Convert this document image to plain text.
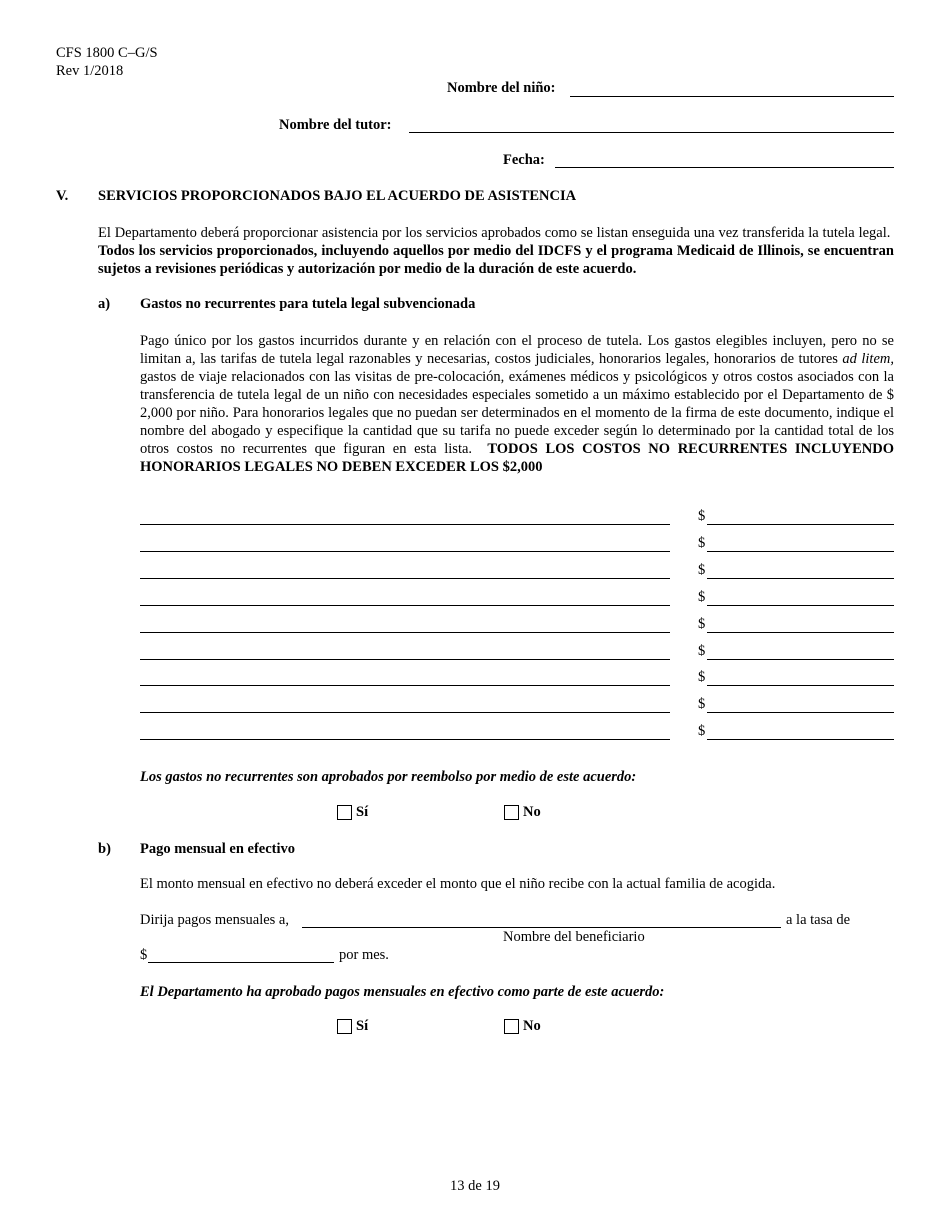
CFS 1800 C–G/S
Rev 1/2018
Nombre del niño:
Nombre del tutor:
Fecha:
V. SERVICIOS PROPORCIONADOS BAJO EL ACUERDO DE ASISTENCIA
El Departamento deberá proporcionar asistencia por los servicios aprobados como se listan enseguida una vez transferida la tutela legal.  Todos los servicios proporcionados, incluyendo aquellos por medio del IDCFS y el programa Medicaid de Illinois, se encuentran sujetos a revisiones periódicas y autorización por medio de la duración de este acuerdo.
a) Gastos no recurrentes para tutela legal subvencionada
Pago único por los gastos incurridos durante y en relación con el proceso de tutela. Los gastos elegibles incluyen, pero no se limitan a, las tarifas de tutela legal razonables y necesarias, costos judiciales, honorarios legales, honorarios de tutores ad litem, gastos de viaje relacionados con las visitas de pre-colocación, exámenes médicos y psicológicos y otros costos asociados con la transferencia de tutela legal de un niño con necesidades especiales sometido a un máximo establecido por el Departamento de $ 2,000 por niño. Para honorarios legales que no puedan ser determinados en el momento de la firma de este documento, indique el nombre del abogado y especifique la cantidad que su tarifa no puede exceder según lo determinado por la cantidad total de los otros costos no recurrentes que figuran en esta lista. TODOS LOS COSTOS NO RECURRENTES INCLUYENDO HONORARIOS LEGALES NO DEBEN EXCEDER LOS $2,000
$
$
$
$
$
$
$
$
$
Los gastos no recurrentes son aprobados por reembolso por medio de este acuerdo:
Sí	No
b) Pago mensual en efectivo
El monto mensual en efectivo no deberá exceder el monto que el niño recibe con la actual familia de acogida.
Dirija pagos mensuales a,	a la tasa de
Nombre del beneficiario
$	por mes.
El Departamento ha aprobado pagos mensuales en efectivo como parte de este acuerdo:
Sí	No
13 de 19
